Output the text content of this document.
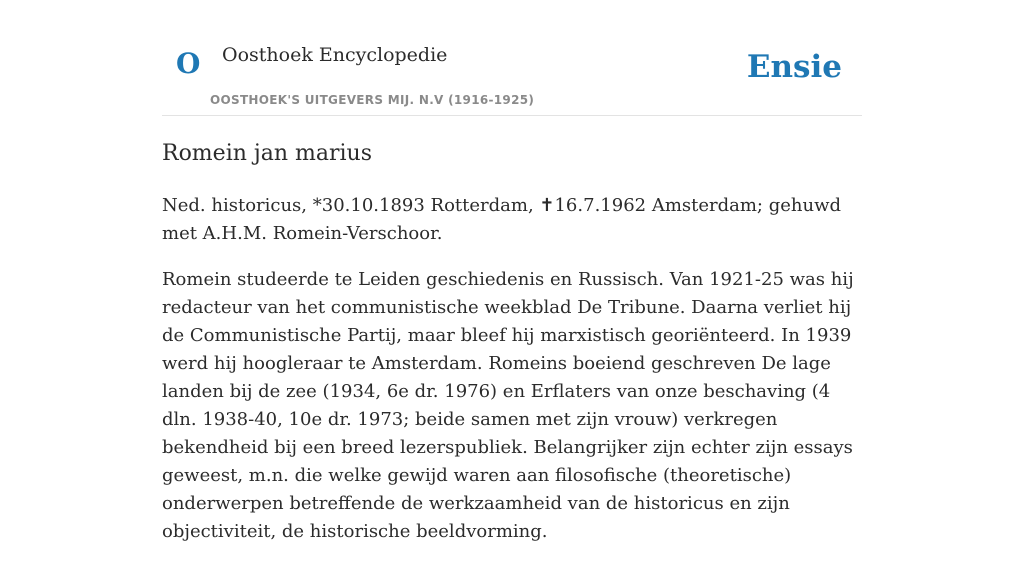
O Oosthoek Encyclopedie
OOSTHOEK'S UITGEVERS MIJ. N.V (1916-1925)
Ensie
Romein jan marius

Ned. historicus, *30.10.1893 Rotterdam, ✝16.7.1962 Amsterdam; gehuwd met A.H.M. Romein-Verschoor.

Romein studeerde te Leiden geschiedenis en Russisch. Van 1921-25 was hij redacteur van het communistische weekblad De Tribune. Daarna verliet hij de Communistische Partij, maar bleef hij marxistisch georiënteerd. In 1939 werd hij hoogleraar te Amsterdam. Romeins boeiend geschreven De lage landen bij de zee (1934, 6e dr. 1976) en Erflaters van onze beschaving (4 dln. 1938-40, 10e dr. 1973; beide samen met zijn vrouw) verkregen bekendheid bij een breed lezerspubliek. Belangrijker zijn echter zijn essays geweest, m.n. die welke gewijd waren aan filosofische (theoretische) onderwerpen betreffende de werkzaamheid van de historicus en zijn objectiviteit, de historische beeldvorming.
